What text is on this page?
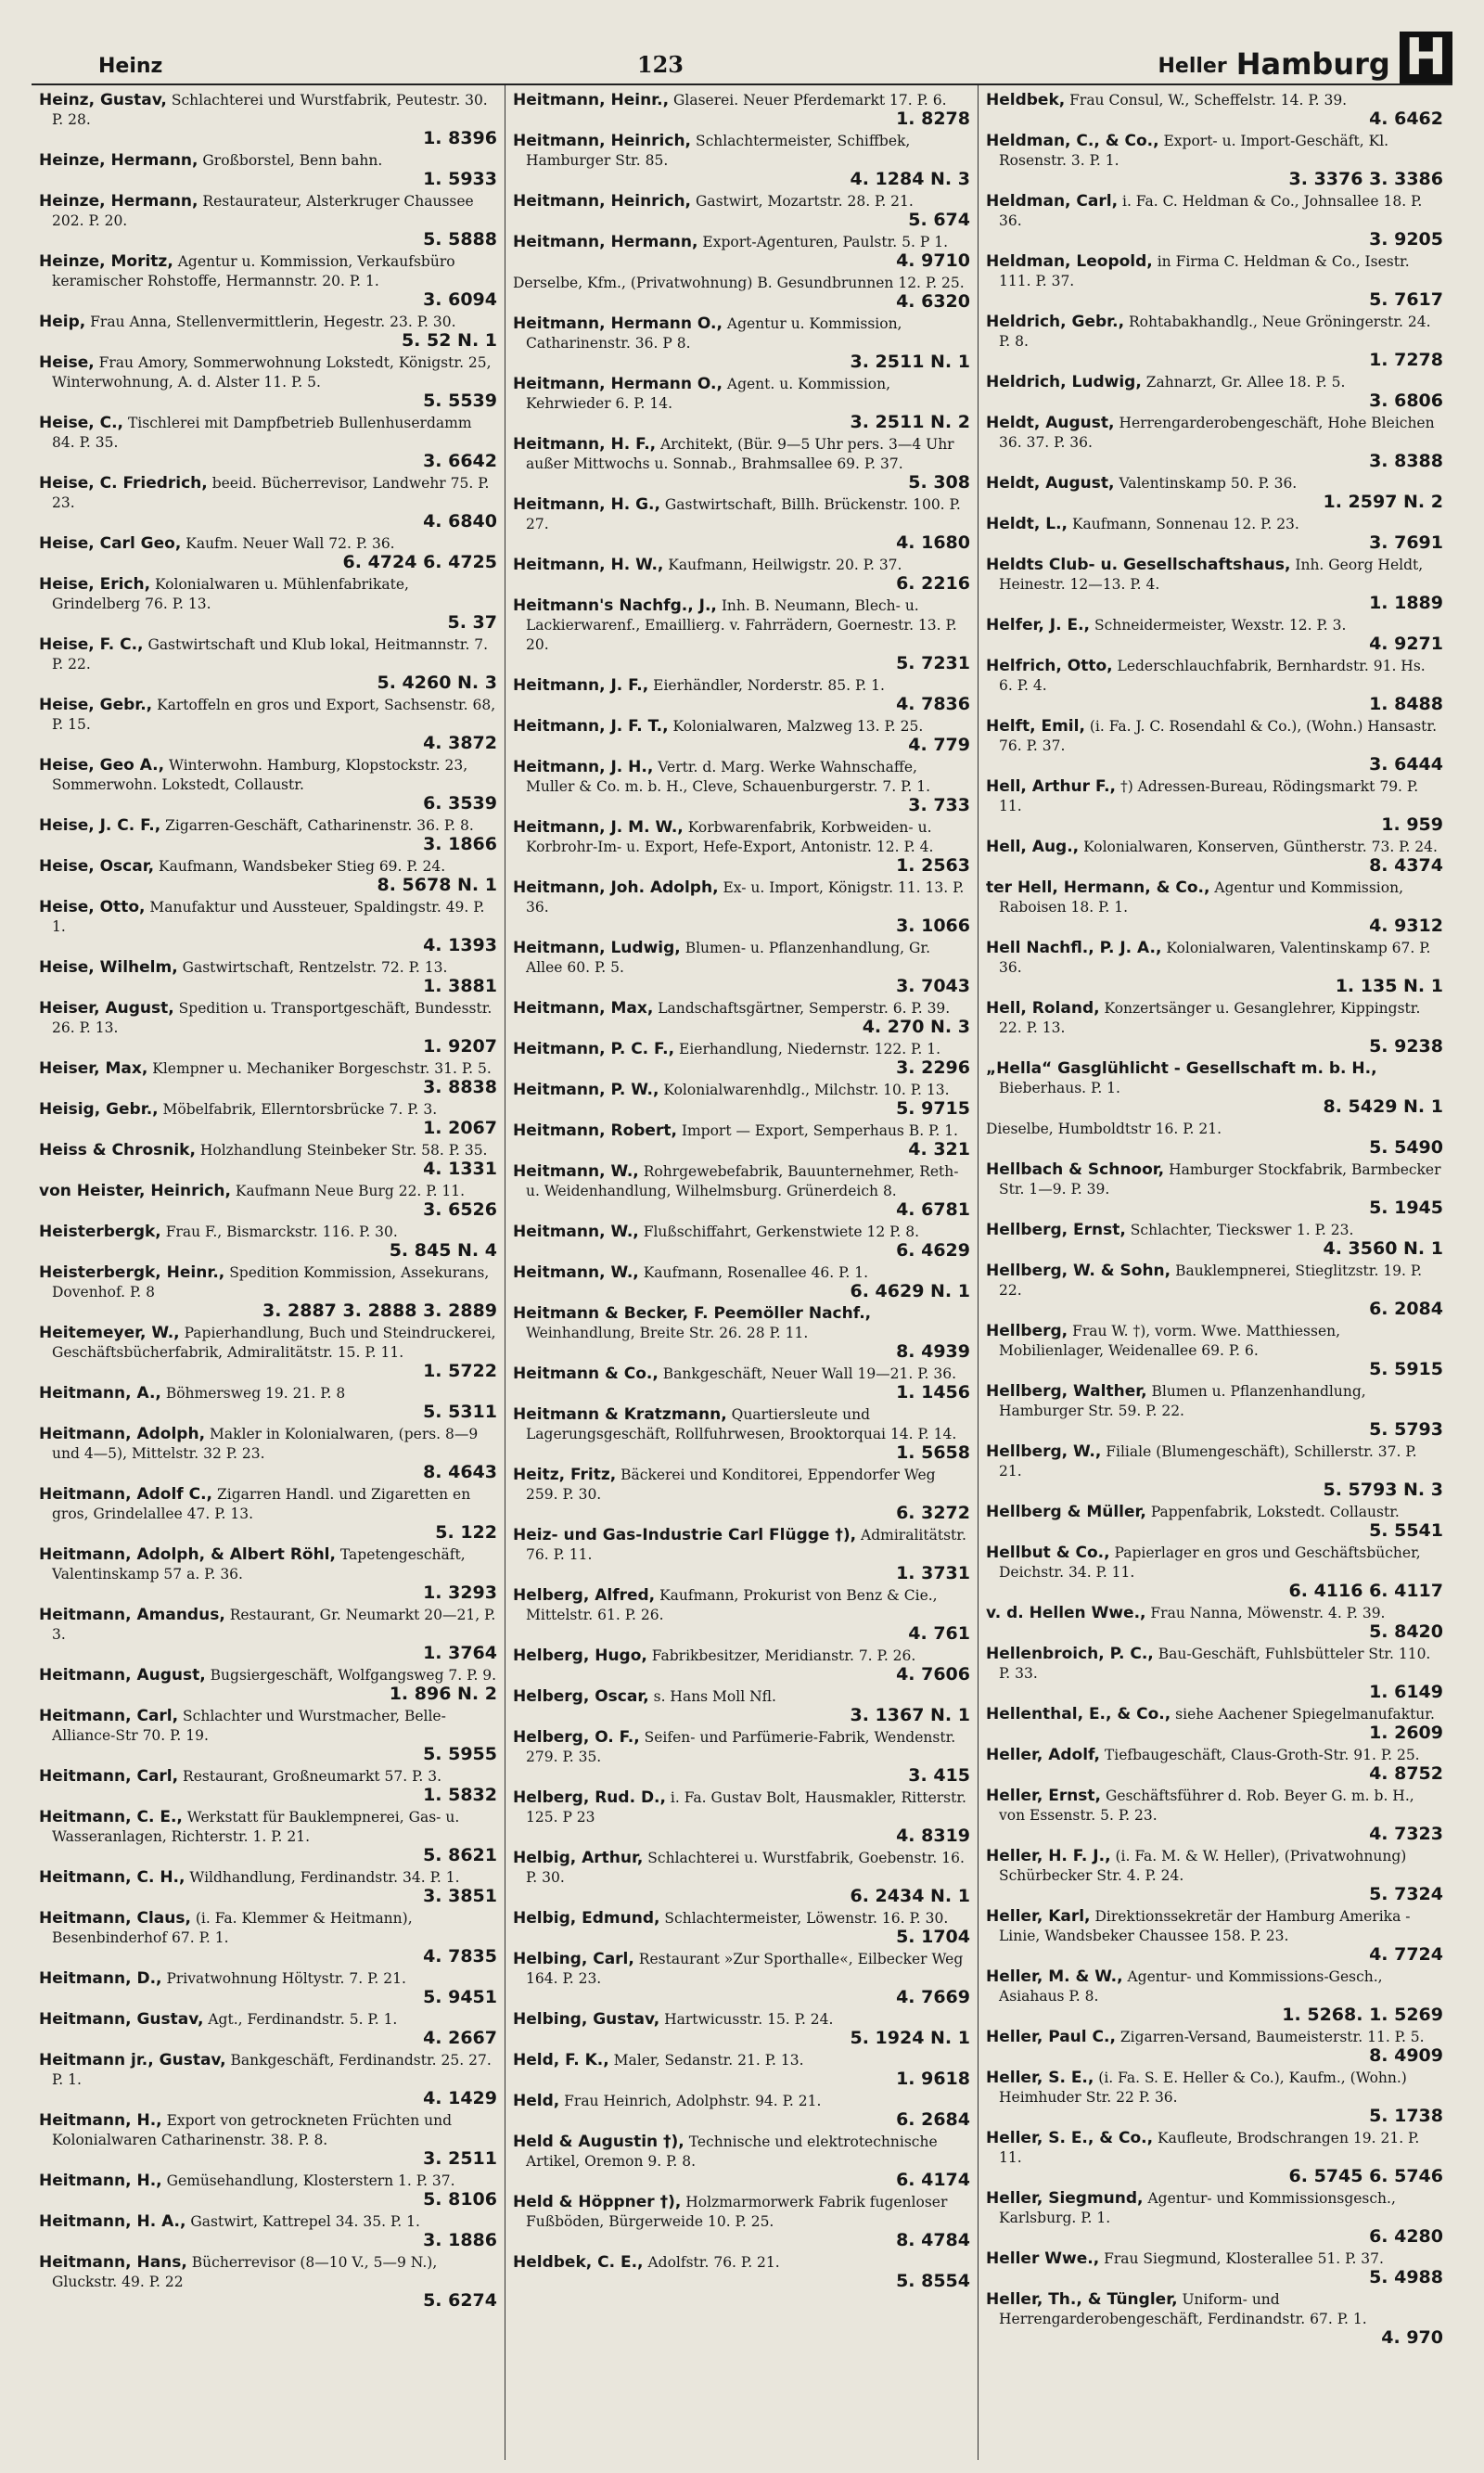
Heinz	123	Heller Hamburg H
Heinz, Gustav, Schlachterei und Wurstfabrik, Peutestr. 30. P. 28.
1. 8396
Heinze, Hermann, Großborstel, Benn bahn.
1. 5933
Heinze, Hermann, Restaurateur, Alsterkruger Chaussee 202. P. 20.
5. 5888
Heinze, Moritz, Agentur u. Kommission, Verkaufsbüro keramischer Rohstoffe, Hermannstr. 20. P. 1.
3. 6094
Heip, Frau Anna, Stellenvermittlerin, Hegestr. 23. P. 30.
5. 52 N. 1
Heise, Frau Amory, Sommerwohnung Lokstedt, Königstr. 25, Winterwohnung, A. d. Alster 11. P. 5.
5. 5539
Heise, C., Tischlerei mit Dampfbetrieb Bullenhuserdamm 84. P. 35.
3. 6642
Heise, C. Friedrich, beeid. Bücherrevisor, Landwehr 75. P. 23.
4. 6840
Heise, Carl Geo, Kaufm. Neuer Wall 72. P. 36.
6. 4724 6. 4725
Heise, Erich, Kolonialwaren u. Mühlenfabrikate, Grindelberg 76. P. 13.
5. 37
Heise, F. C., Gastwirtschaft und Klub lokal, Heitmannstr. 7. P. 22.
5. 4260 N. 3
Heise, Gebr., Kartoffeln en gros und Export, Sachsenstr. 68, P. 15.
4. 3872
Heise, Geo A., Winterwohn. Hamburg, Klopstockstr. 23, Sommerwohn. Lokstedt, Collaustr.
6. 3539
Heise, J. C. F., Zigarren-Geschäft, Catharinenstr. 36. P. 8.
3. 1866
Heise, Oscar, Kaufmann, Wandsbeker Stieg 69. P. 24.
8. 5678 N. 1
Heise, Otto, Manufaktur und Aussteuer, Spaldingstr. 49. P. 1.
4. 1393
Heise, Wilhelm, Gastwirtschaft, Rentzelstr. 72. P. 13.
1. 3881
Heiser, August, Spedition u. Transportgeschäft, Bundesstr. 26. P. 13.
1. 9207
Heiser, Max, Klempner u. Mechaniker Borgeschstr. 31. P. 5.
3. 8838
Heisig, Gebr., Möbelfabrik, Ellerntorsbrücke 7. P. 3.
1. 2067
Heiss & Chrosnik, Holzhandlung Steinbeker Str. 58. P. 35.
4. 1331
von Heister, Heinrich, Kaufmann Neue Burg 22. P. 11.
3. 6526
Heisterbergk, Frau F., Bismarckstr. 116. P. 30.
5. 845 N. 4
Heisterbergk, Heinr., Spedition Kommission, Assekurans, Dovenhof. P. 8
3. 2887 3. 2888 3. 2889
Heitemeyer, W., Papierhandlung, Buch und Steindruckerei, Geschäftsbücherfabrik, Admiralitätstr. 15. P. 11.
1. 5722
Heitmann, A., Böhmersweg 19. 21. P. 8
5. 5311
Heitmann, Adolph, Makler in Kolonialwaren, (pers. 8—9 und 4—5), Mittelstr. 32 P. 23.
8. 4643
Heitmann, Adolf C., Zigarren Handl. und Zigaretten en gros, Grindelallee 47. P. 13.
5. 122
Heitmann, Adolph, & Albert Röhl, Tapetengeschäft, Valentinskamp 57 a. P. 36.
1. 3293
Heitmann, Amandus, Restaurant, Gr. Neumarkt 20—21, P. 3.
1. 3764
Heitmann, August, Bugsiergeschäft, Wolfgangsweg 7. P. 9.
1. 896 N. 2
Heitmann, Carl, Schlachter und Wurstmacher, Belle-Alliance-Str 70. P. 19.
5. 5955
Heitmann, Carl, Restaurant, Großneumarkt 57. P. 3.
1. 5832
Heitmann, C. E., Werkstatt für Bauklempnerei, Gas- u. Wasseranlagen, Richterstr. 1. P. 21.
5. 8621
Heitmann, C. H., Wildhandlung, Ferdinandstr. 34. P. 1.
3. 3851
Heitmann, Claus, (i. Fa. Klemmer & Heitmann), Besenbinderhof 67. P. 1.
4. 7835
Heitmann, D., Privatwohnung Höltystr. 7. P. 21.
5. 9451
Heitmann, Gustav, Agt., Ferdinandstr. 5. P. 1.
4. 2667
Heitmann jr., Gustav, Bankgeschäft, Ferdinandstr. 25. 27. P. 1.
4. 1429
Heitmann, H., Export von getrockneten Früchten und Kolonialwaren Catharinenstr. 38. P. 8.
3. 2511
Heitmann, H., Gemüsehandlung, Klosterstern 1. P. 37.
5. 8106
Heitmann, H. A., Gastwirt, Kattrepel 34. 35. P. 1.
3. 1886
Heitmann, Hans, Bücherrevisor (8—10 V., 5—9 N.), Gluckstr. 49. P. 22
5. 6274
Heitmann, Heinr., Glaserei. Neuer Pferdemarkt 17. P. 6.
1. 8278
Heitmann, Heinrich, Schlachtermeister, Schiffbek, Hamburger Str. 85.
4. 1284 N. 3
Heitmann, Heinrich, Gastwirt, Mozartstr. 28. P. 21.
5. 674
Heitmann, Hermann, Export-Agenturen, Paulstr. 5. P 1.
4. 9710
Derselbe, Kfm., (Privatwohnung) B. Gesundbrunnen 12. P. 25.
4. 6320
Heitmann, Hermann O., Agentur u. Kommission, Catharinenstr. 36. P 8.
3. 2511 N. 1
Heitmann, Hermann O., Agent. u. Kommission, Kehrwieder 6. P. 14.
3. 2511 N. 2
Heitmann, H. F., Architekt, (Bür. 9—5 Uhr pers. 3—4 Uhr außer Mittwochs u. Sonnab., Brahmsallee 69. P. 37.
5. 308
Heitmann, H. G., Gastwirtschaft, Billh. Brückenstr. 100. P. 27.
4. 1680
Heitmann, H. W., Kaufmann, Heilwigstr. 20. P. 37.
6. 2216
Heitmann's Nachfg., J., Inh. B. Neumann, Blech- u. Lackierwarenf., Emaillierg. v. Fahrrädern, Goernestr. 13. P. 20.
5. 7231
Heitmann, J. F., Eierhändler, Norderstr. 85. P. 1.
4. 7836
Heitmann, J. F. T., Kolonialwaren, Malzweg 13. P. 25.
4. 779
Heitmann, J. H., Vertr. d. Marg. Werke Wahnschaffe, Muller & Co. m. b. H., Cleve, Schauenburgerstr. 7. P. 1.
3. 733
Heitmann, J. M. W., Korbwarenfabrik, Korbweiden- u. Korbrohr-Im- u. Export, Hefe-Export, Antonistr. 12. P. 4.
1. 2563
Heitmann, Joh. Adolph, Ex- u. Import, Königstr. 11. 13. P. 36.
3. 1066
Heitmann, Ludwig, Blumen- u. Pflanzenhandlung, Gr. Allee 60. P. 5.
3. 7043
Heitmann, Max, Landschaftsgärtner, Semperstr. 6. P. 39.
4. 270 N. 3
Heitmann, P. C. F., Eierhandlung, Niedernstr. 122. P. 1.
3. 2296
Heitmann, P. W., Kolonialwarenhdlg., Milchstr. 10. P. 13.
5. 9715
Heitmann, Robert, Import — Export, Semperhaus B. P. 1.
4. 321
Heitmann, W., Rohrgewebefabrik, Bauunternehmer, Reth- u. Weidenhandlung, Wilhelmsburg. Grünerdeich 8.
4. 6781
Heitmann, W., Flußschiffahrt, Gerkenstwiete 12 P. 8.
6. 4629
Heitmann, W., Kaufmann, Rosenallee 46. P. 1.
6. 4629 N. 1
Heitmann & Becker, F. Peemöller Nachf., Weinhandlung, Breite Str. 26. 28 P. 11.
8. 4939
Heitmann & Co., Bankgeschäft, Neuer Wall 19—21. P. 36.
1. 1456
Heitmann & Kratzmann, Quartiersleute und Lagerungsgeschäft, Rollfuhrwesen, Brooktorquai 14. P. 14.
1. 5658
Heitz, Fritz, Bäckerei und Konditorei, Eppendorfer Weg 259. P. 30.
6. 3272
Heiz- und Gas-Industrie Carl Flügge †), Admiralitätstr. 76. P. 11.
1. 3731
Helberg, Alfred, Kaufmann, Prokurist von Benz & Cie., Mittelstr. 61. P. 26.
4. 761
Helberg, Hugo, Fabrikbesitzer, Meridianstr. 7. P. 26.
4. 7606
Helberg, Oscar, s. Hans Moll Nfl.
3. 1367 N. 1
Helberg, O. F., Seifen- und Parfümerie-Fabrik, Wendenstr. 279. P. 35.
3. 415
Helberg, Rud. D., i. Fa. Gustav Bolt, Hausmakler, Ritterstr. 125. P 23
4. 8319
Helbig, Arthur, Schlachterei u. Wurstfabrik, Goebenstr. 16. P. 30.
6. 2434 N. 1
Helbig, Edmund, Schlachtermeister, Löwenstr. 16. P. 30.
5. 1704
Helbing, Carl, Restaurant »Zur Sporthalle«, Eilbecker Weg 164. P. 23.
4. 7669
Helbing, Gustav, Hartwicusstr. 15. P. 24.
5. 1924 N. 1
Held, F. K., Maler, Sedanstr. 21. P. 13.
1. 9618
Held, Frau Heinrich, Adolphstr. 94. P. 21.
6. 2684
Held & Augustin †), Technische und elektrotechnische Artikel, Oremon 9. P. 8.
6. 4174
Held & Höppner †), Holzmarmorwerk Fabrik fugenloser Fußböden, Bürgerweide 10. P. 25.
8. 4784
Heldbek, C. E., Adolfstr. 76. P. 21.
5. 8554
Heldbek, Frau Consul, W., Scheffelstr. 14. P. 39.
4. 6462
Heldman, C., & Co., Export- u. Import-Geschäft, Kl. Rosenstr. 3. P. 1.
3. 3376 3. 3386
Heldman, Carl, i. Fa. C. Heldman & Co., Johnsallee 18. P. 36.
3. 9205
Heldman, Leopold, in Firma C. Heldman & Co., Isestr. 111. P. 37.
5. 7617
Heldrich, Gebr., Rohtabakhandlg., Neue Gröningerstr. 24. P. 8.
1. 7278
Heldrich, Ludwig, Zahnarzt, Gr. Allee 18. P. 5.
3. 6806
Heldt, August, Herrengarderobengeschäft, Hohe Bleichen 36. 37. P. 36.
3. 8388
Heldt, August, Valentinskamp 50. P. 36.
1. 2597 N. 2
Heldt, L., Kaufmann, Sonnenau 12. P. 23.
3. 7691
Heldts Club- u. Gesellschaftshaus, Inh. Georg Heldt, Heinestr. 12—13. P. 4.
1. 1889
Helfer, J. E., Schneidermeister, Wexstr. 12. P. 3.
4. 9271
Helfrich, Otto, Lederschlauchfabrik, Bernhardstr. 91. Hs. 6. P. 4.
1. 8488
Helft, Emil, (i. Fa. J. C. Rosendahl & Co.), (Wohn.) Hansastr. 76. P. 37.
3. 6444
Hell, Arthur F., †) Adressen-Bureau, Rödingsmarkt 79. P. 11.
1. 959
Hell, Aug., Kolonialwaren, Konserven, Güntherstr. 73. P. 24.
8. 4374
ter Hell, Hermann, & Co., Agentur und Kommission, Raboisen 18. P. 1.
4. 9312
Hell Nachfl., P. J. A., Kolonialwaren, Valentinskamp 67. P. 36.
1. 135 N. 1
Hell, Roland, Konzertsänger u. Gesanglehrer, Kippingstr. 22. P. 13.
5. 9238
„Hella“ Gasglühlicht - Gesellschaft m. b. H., Bieberhaus. P. 1.
8. 5429 N. 1
Dieselbe, Humboldtstr 16. P. 21.
5. 5490
Hellbach & Schnoor, Hamburger Stockfabrik, Barmbecker Str. 1—9. P. 39.
5. 1945
Hellberg, Ernst, Schlachter, Tieckswег 1. P. 23.
4. 3560 N. 1
Hellberg, W. & Sohn, Bauklempnerei, Stieglitzstr. 19. P. 22.
6. 2084
Hellberg, Frau W. †), vorm. Wwe. Matthiessen, Mobilienlager, Weidenallee 69. P. 6.
5. 5915
Hellberg, Walther, Blumen u. Pflanzenhandlung, Hamburger Str. 59. P. 22.
5. 5793
Hellberg, W., Filiale (Blumengeschäft), Schillerstr. 37. P. 21.
5. 5793 N. 3
Hellberg & Müller, Pappenfabrik, Lokstedt. Collaustr.
5. 5541
Hellbut & Co., Papierlager en gros und Geschäftsbücher, Deichstr. 34. P. 11.
6. 4116 6. 4117
v. d. Hellen Wwe., Frau Nanna, Möwenstr. 4. P. 39.
5. 8420
Hellenbroich, P. C., Bau-Geschäft, Fuhlsbütteler Str. 110. P. 33.
1. 6149
Hellenthal, E., & Co., siehe Aachener Spiegelmanufaktur.
1. 2609
Heller, Adolf, Tiefbaugeschäft, Claus-Groth-Str. 91. P. 25.
4. 8752
Heller, Ernst, Geschäftsführer d. Rob. Beyer G. m. b. H., von Essenstr. 5. P. 23.
4. 7323
Heller, H. F. J., (i. Fa. M. & W. Heller), (Privatwohnung) Schürbecker Str. 4. P. 24.
5. 7324
Heller, Karl, Direktionssekretär der Hamburg Amerika - Linie, Wandsbeker Chaussee 158. P. 23.
4. 7724
Heller, M. & W., Agentur- und Kommissions-Gesch., Asiahaus P. 8.
1. 5268. 1. 5269
Heller, Paul C., Zigarren-Versand, Baumeisterstr. 11. P. 5.
8. 4909
Heller, S. E., (i. Fa. S. E. Heller & Co.), Kaufm., (Wohn.) Heimhuder Str. 22 P. 36.
5. 1738
Heller, S. E., & Co., Kaufleute, Brodschrangen 19. 21. P. 11.
6. 5745 6. 5746
Heller, Siegmund, Agentur- und Kommissionsgesch., Karlsburg. P. 1.
6. 4280
Heller Wwe., Frau Siegmund, Klosterallee 51. P. 37.
5. 4988
Heller, Th., & Tüngler, Uniform- und Herrengarderobengeschäft, Ferdinandstr. 67. P. 1.
4. 970
